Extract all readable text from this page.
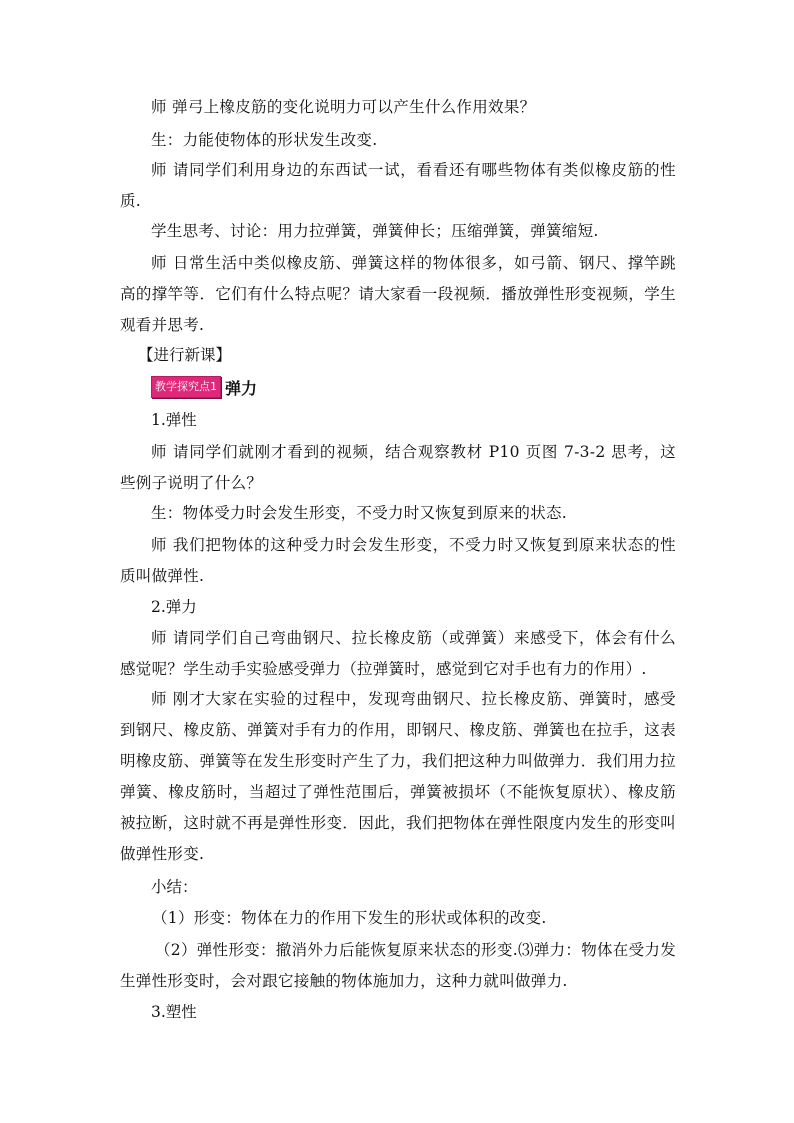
师 弹弓上橡皮筋的变化说明力可以产生什么作用效果？
生：力能使物体的形状发生改变.
师 请同学们利用身边的东西试一试，看看还有哪些物体有类似橡皮筋的性质.
学生思考、讨论：用力拉弹簧，弹簧伸长；压缩弹簧，弹簧缩短.
师 日常生活中类似橡皮筋、弹簧这样的物体很多，如弓箭、钢尺、撑竿跳高的撑竿等．它们有什么特点呢？请大家看一段视频．播放弹性形变视频，学生观看并思考.
【进行新课】
教学探究点1 弹力
1.弹性
师 请同学们就刚才看到的视频，结合观察教材 P10 页图 7-3-2 思考，这些例子说明了什么？
生：物体受力时会发生形变，不受力时又恢复到原来的状态.
师 我们把物体的这种受力时会发生形变，不受力时又恢复到原来状态的性质叫做弹性.
2.弹力
师 请同学们自己弯曲钢尺、拉长橡皮筋（或弹簧）来感受下，体会有什么感觉呢？学生动手实验感受弹力（拉弹簧时，感觉到它对手也有力的作用）.
师 刚才大家在实验的过程中，发现弯曲钢尺、拉长橡皮筋、弹簧时，感受到钢尺、橡皮筋、弹簧对手有力的作用，即钢尺、橡皮筋、弹簧也在拉手，这表明橡皮筋、弹簧等在发生形变时产生了力，我们把这种力叫做弹力．我们用力拉弹簧、橡皮筋时，当超过了弹性范围后，弹簧被损坏（不能恢复原状）、橡皮筋被拉断，这时就不再是弹性形变．因此，我们把物体在弹性限度内发生的形变叫做弹性形变.
小结：
（1）形变：物体在力的作用下发生的形状或体积的改变.
（2）弹性形变：撤消外力后能恢复原来状态的形变.⑶弹力：物体在受力发生弹性形变时，会对跟它接触的物体施加力，这种力就叫做弹力.
3.塑性
